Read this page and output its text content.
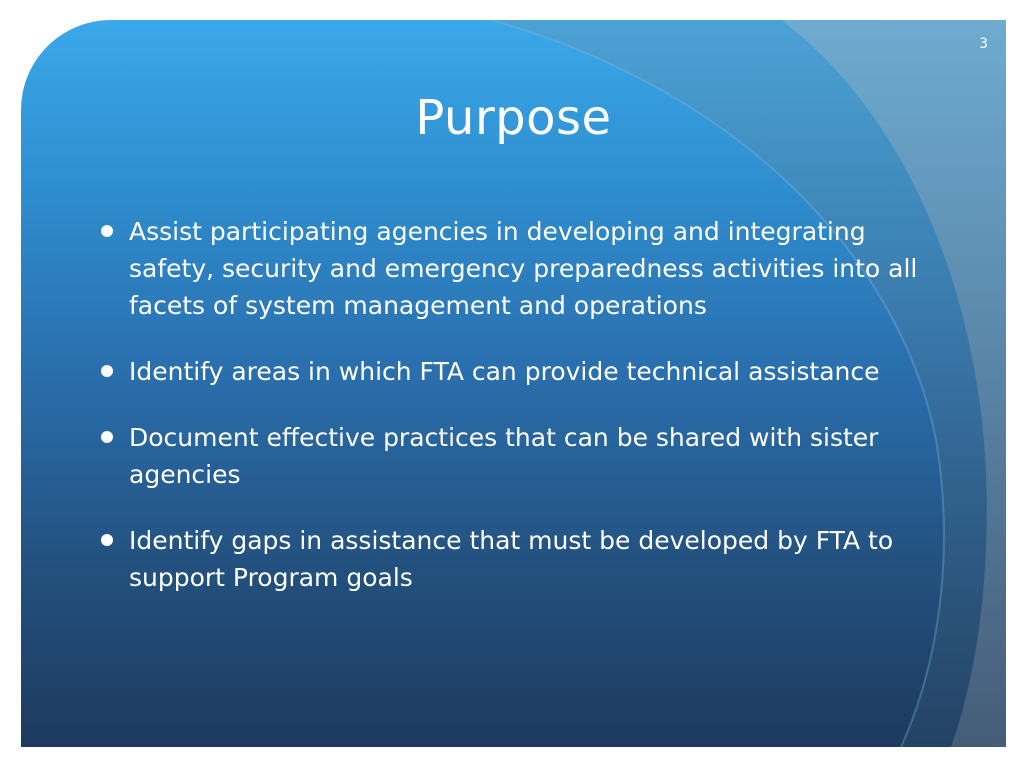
3
Purpose
Assist participating agencies in developing and integrating safety, security and emergency preparedness activities into all facets of system management and operations
Identify areas in which FTA can provide technical assistance
Document effective practices that can be shared with sister agencies
Identify gaps in assistance that must be developed by FTA to support Program goals
